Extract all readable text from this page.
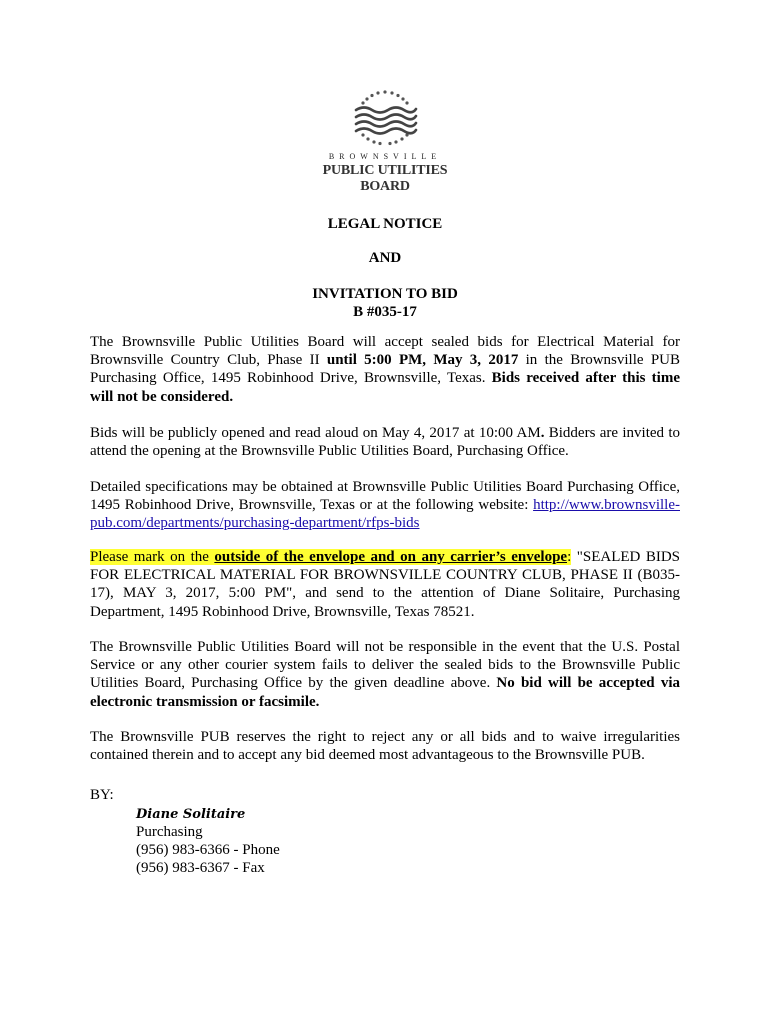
BROWNSVILLE
PUBLIC UTILITIES BOARD
LEGAL NOTICE
AND
INVITATION TO BID
B #035-17

The Brownsville Public Utilities Board will accept sealed bids for Electrical Material for Brownsville Country Club, Phase II until 5:00 PM, May 3, 2017 in the Brownsville PUB Purchasing Office, 1495 Robinhood Drive, Brownsville, Texas. Bids received after this time will not be considered.

Bids will be publicly opened and read aloud on May 4, 2017 at 10:00 AM. Bidders are invited to attend the opening at the Brownsville Public Utilities Board, Purchasing Office.

Detailed specifications may be obtained at Brownsville Public Utilities Board Purchasing Office, 1495 Robinhood Drive, Brownsville, Texas or at the following website: http://www.brownsville-pub.com/departments/purchasing-department/rfps-bids

Please mark on the outside of the envelope and on any carrier’s envelope: "SEALED BIDS FOR ELECTRICAL MATERIAL FOR BROWNSVILLE COUNTRY CLUB, PHASE II (B035-17), MAY 3, 2017, 5:00 PM", and send to the attention of Diane Solitaire, Purchasing Department, 1495 Robinhood Drive, Brownsville, Texas 78521.

The Brownsville Public Utilities Board will not be responsible in the event that the U.S. Postal Service or any other courier system fails to deliver the sealed bids to the Brownsville Public Utilities Board, Purchasing Office by the given deadline above. No bid will be accepted via electronic transmission or facsimile.

The Brownsville PUB reserves the right to reject any or all bids and to waive irregularities contained therein and to accept any bid deemed most advantageous to the Brownsville PUB.

BY:
Diane Solitaire
Purchasing
(956) 983-6366 - Phone
(956) 983-6367 - Fax
